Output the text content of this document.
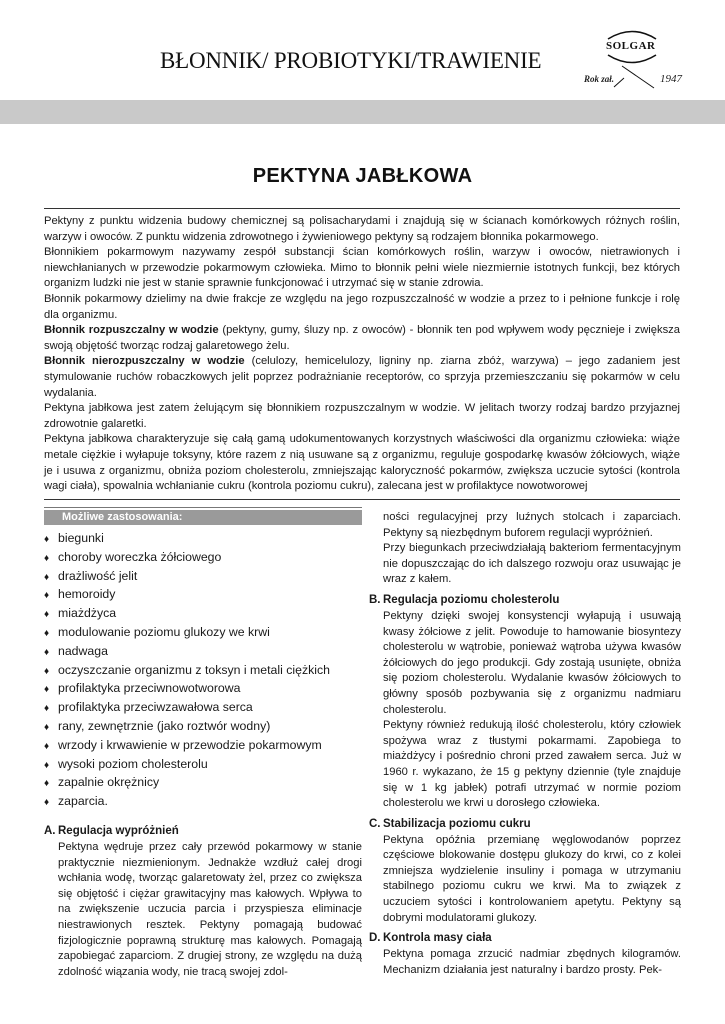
BŁONNIK/ PROBIOTYKI/TRAWIENIE
SOLGAR
Rok zał.	1947
PEKTYNA JABŁKOWA

Pektyny z punktu widzenia budowy chemicznej są polisacharydami i znajdują się w ścianach komórkowych różnych roślin, warzyw i owoców. Z punktu widzenia zdrowotnego i żywieniowego pektyny są rodzajem błonnika pokarmowego.

Błonnikiem pokarmowym nazywamy zespół substancji ścian komórkowych roślin, warzyw i owoców, nietrawionych i niewchłanianych w przewodzie pokarmowym człowieka. Mimo to błonnik pełni wiele niezmiernie istotnych funkcji, bez których organizm ludzki nie jest w stanie sprawnie funkcjonować i utrzymać się w stanie zdrowia.

Błonnik pokarmowy dzielimy na dwie frakcje ze względu na jego rozpuszczalność w wodzie a przez to i pełnione funkcje i rolę dla organizmu.

Błonnik rozpuszczalny w wodzie (pektyny, gumy, śluzy np. z owoców) - błonnik ten pod wpływem wody pęcznieje i zwiększa swoją objętość tworząc rodzaj galaretowego żelu.

Błonnik nierozpuszczalny w wodzie (celulozy, hemicelulozy, ligniny np. ziarna zbóż, warzywa) – jego zadaniem jest stymulowanie ruchów robaczkowych jelit poprzez podrażnianie receptorów, co sprzyja przemieszczaniu się pokarmów w celu wydalania.

Pektyna jabłkowa jest zatem żelującym się błonnikiem rozpuszczalnym w wodzie. W jelitach tworzy rodzaj bardzo przyjaznej zdrowotnie galaretki.

Pektyna jabłkowa charakteryzuje się całą gamą udokumentowanych korzystnych właściwości dla organizmu człowieka: wiąże metale ciężkie i wyłapuje toksyny, które razem z nią usuwane są z organizmu, reguluje gospodarkę kwasów żółciowych, wiąże je i usuwa z organizmu, obniża poziom cholesterolu, zmniejszając kaloryczność pokarmów, zwiększa uczucie sytości (kontrola wagi ciała), spowalnia wchłanianie cukru (kontrola poziomu cukru), zalecana jest w profilaktyce nowotworowej

Możliwe zastosowania:
♦ biegunki
♦ choroby woreczka żółciowego
♦ drażliwość jelit
♦ hemoroidy
♦ miażdżyca
♦ modulowanie poziomu glukozy we krwi
♦ nadwaga
♦ oczyszczanie organizmu z toksyn i metali ciężkich
♦ profilaktyka przeciwnowotworowa
♦ profilaktyka przeciwzawałowa serca
♦ rany, zewnętrznie (jako roztwór wodny)
♦ wrzody i krwawienie w przewodzie pokarmowym
♦ wysoki poziom cholesterolu
♦ zapalnie okrężnicy
♦ zaparcia.
A. Regulacja wypróżnień
Pektyna wędruje przez cały przewód pokarmowy w stanie praktycznie niezmienionym. Jednakże wzdłuż całej drogi wchłania wodę, tworząc galaretowaty żel, przez co zwiększa się objętość i ciężar grawitacyjny mas kałowych. Wpływa to na zwiększenie uczucia parcia i przyspiesza eliminacje niestrawionych resztek. Pektyny pomagają budować fizjologicznie poprawną strukturę mas kałowych. Pomagają zapobiegać zaparciom. Z drugiej strony, ze względu na dużą zdolność wiązania wody, nie tracą swojej zdol-

ności regulacyjnej przy luźnych stolcach i zaparciach. Pektyny są niezbędnym buforem regulacji wypróżnień.

Przy biegunkach przeciwdziałają bakteriom fermentacyjnym nie dopuszczając do ich dalszego rozwoju oraz usuwając je wraz z kałem.

B. Regulacja poziomu cholesterolu

Pektyny dzięki swojej konsystencji wyłapują i usuwają kwasy żółciowe z jelit. Powoduje to hamowanie biosyntezy cholesterolu w wątrobie, ponieważ wątroba używa kwasów żółciowych do jego produkcji. Gdy zostają usunięte, obniża się poziom cholesterolu. Wydalanie kwasów żółciowych to główny sposób pozbywania się z organizmu nadmiaru cholesterolu.

Pektyny również redukują ilość cholesterolu, który człowiek spożywa wraz z tłustymi pokarmami. Zapobiega to miażdżycy i pośrednio chroni przed zawałem serca. Już w 1960 r. wykazano, że 15 g pektyny dziennie (tyle znajduje się w 1 kg jabłek) potrafi utrzymać w normie poziom cholesterolu we krwi u dorosłego człowieka.

C. Stabilizacja poziomu cukru
Pektyna opóźnia przemianę węglowodanów poprzez częściowe blokowanie dostępu glukozy do krwi, co z kolei zmniejsza wydzielenie insuliny i pomaga w utrzymaniu stabilnego poziomu cukru we krwi. Ma to związek z uczuciem sytości i kontrolowaniem apetytu. Pektyny są dobrymi modulatorami glukozy.
D. Kontrola masy ciała
Pektyna pomaga zrzucić nadmiar zbędnych kilogramów. Mechanizm działania jest naturalny i bardzo prosty. Pek-
